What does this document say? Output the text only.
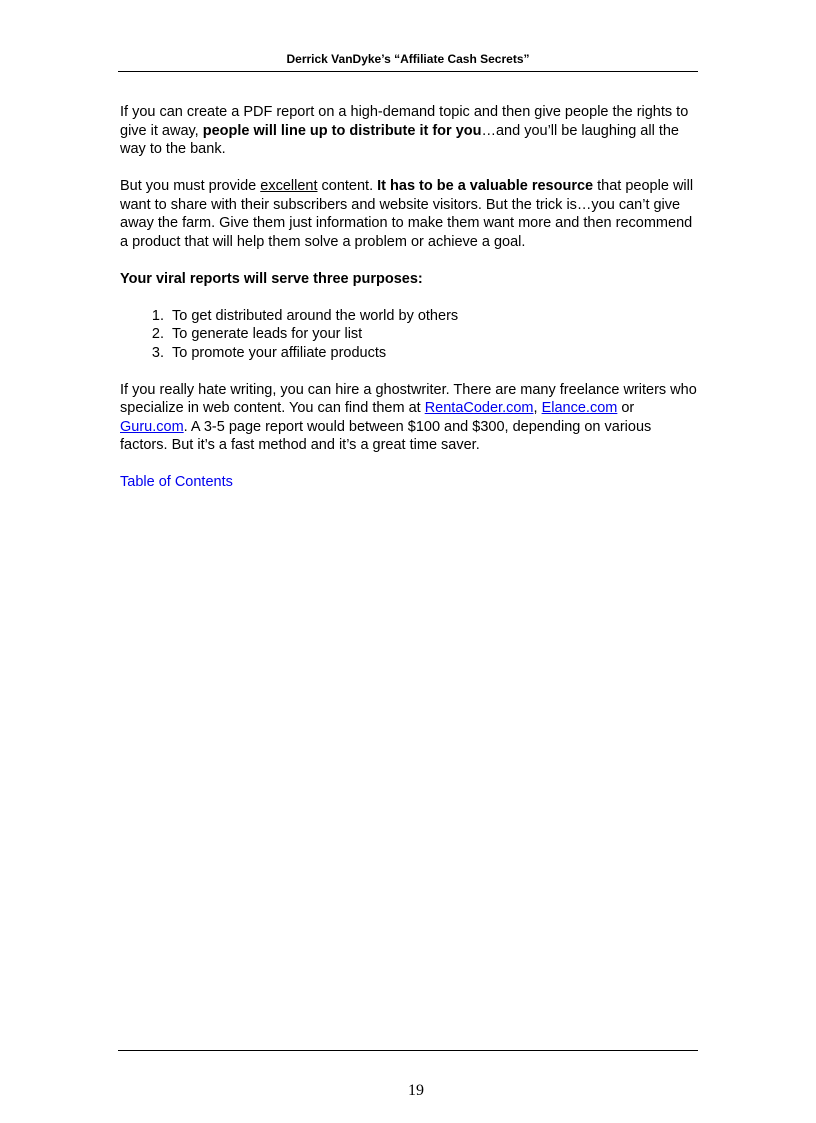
Derrick VanDyke’s “Affiliate Cash Secrets”

If you can create a PDF report on a high-demand topic and then give people the rights to give it away, people will line up to distribute it for you…and you’ll be laughing all the way to the bank.

But you must provide excellent content. It has to be a valuable resource that people will want to share with their subscribers and website visitors. But the trick is…you can’t give away the farm. Give them just information to make them want more and then recommend a product that will help them solve a problem or achieve a goal.

Your viral reports will serve three purposes:

1. To get distributed around the world by others
2. To generate leads for your list
3. To promote your affiliate products

If you really hate writing, you can hire a ghostwriter. There are many freelance writers who specialize in web content. You can find them at RentaCoder.com, Elance.com or Guru.com. A 3-5 page report would between $100 and $300, depending on various factors. But it’s a fast method and it’s a great time saver.

Table of Contents

19
